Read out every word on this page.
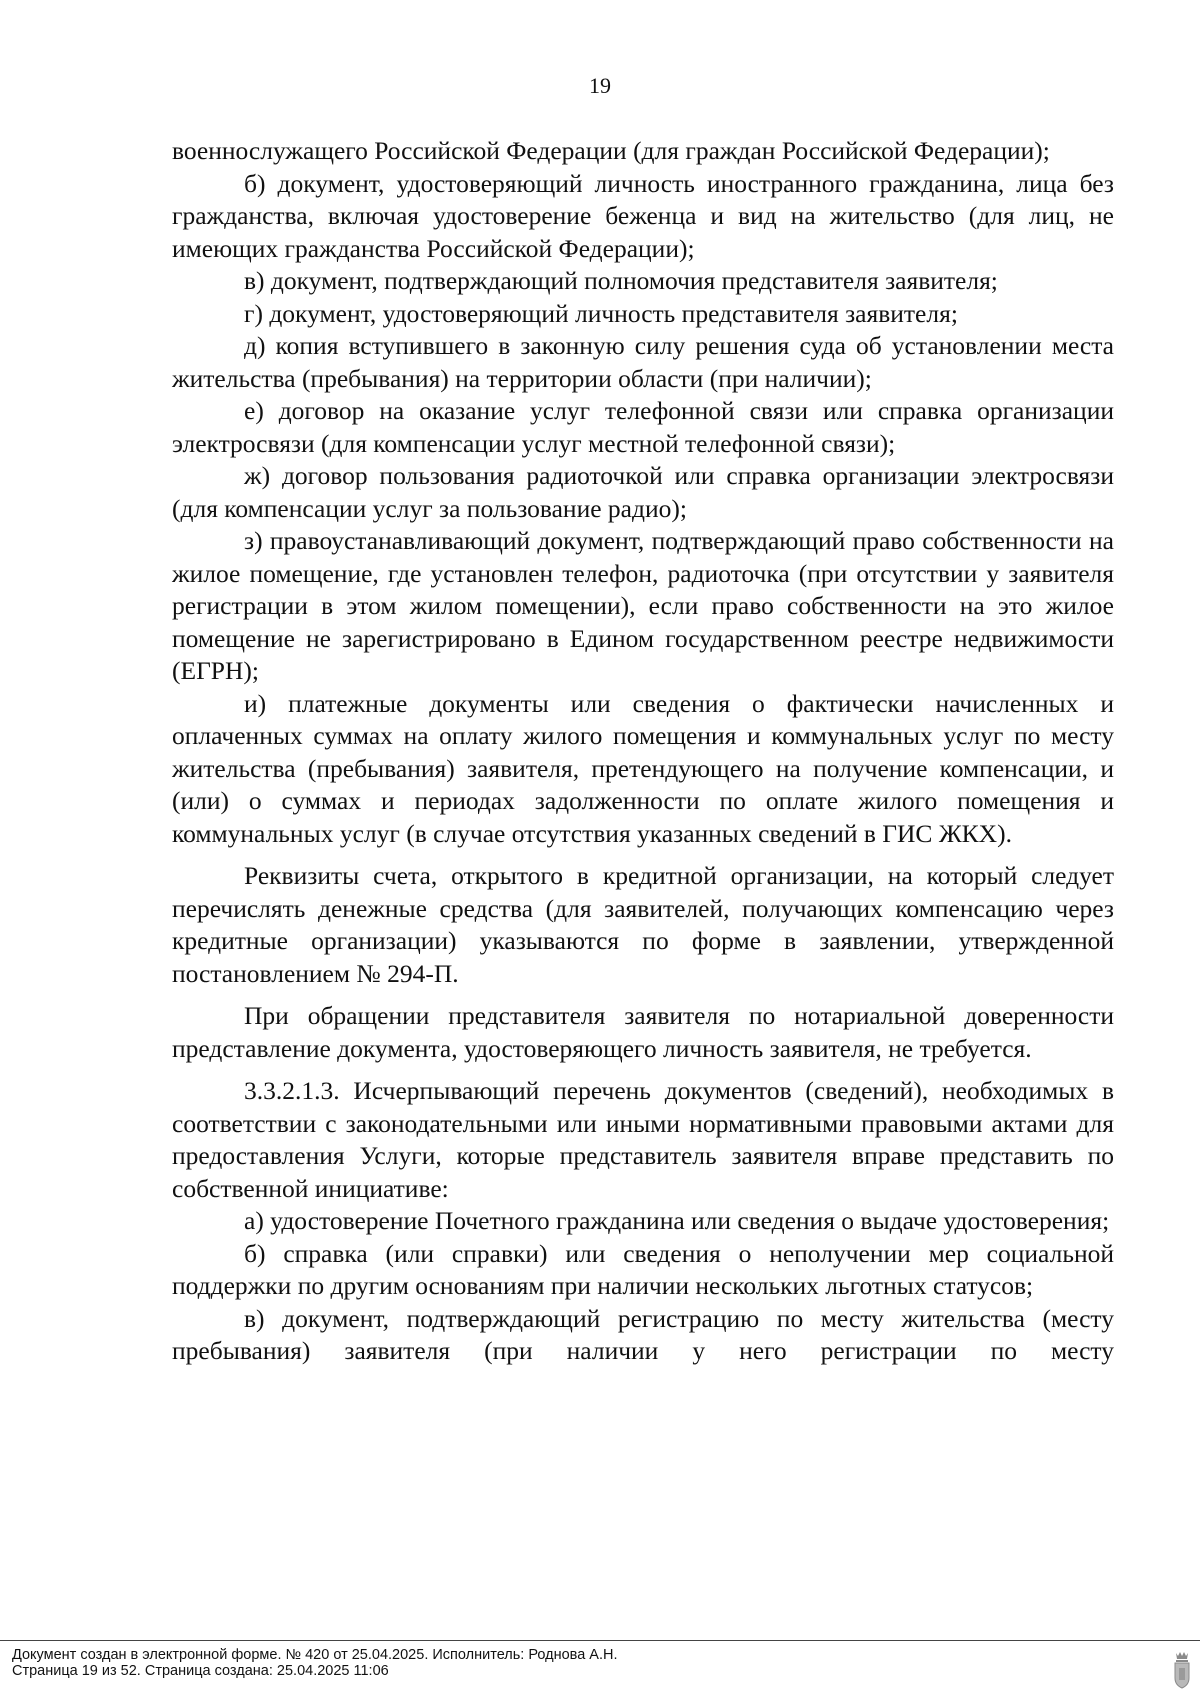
19

военнослужащего Российской Федерации (для граждан Российской Федерации);

б) документ, удостоверяющий личность иностранного гражданина, лица без гражданства, включая удостоверение беженца и вид на жительство (для лиц, не имеющих гражданства Российской Федерации);

в) документ, подтверждающий полномочия представителя заявителя;

г) документ, удостоверяющий личность представителя заявителя;

д) копия вступившего в законную силу решения суда об установлении места жительства (пребывания) на территории области (при наличии);

е) договор на оказание услуг телефонной связи или справка организации электросвязи (для компенсации услуг местной телефонной связи);

ж) договор пользования радиоточкой или справка организации электросвязи (для компенсации услуг за пользование радио);

з) правоустанавливающий документ, подтверждающий право собственности на жилое помещение, где установлен телефон, радиоточка (при отсутствии у заявителя регистрации в этом жилом помещении), если право собственности на это жилое помещение не зарегистрировано в Едином государственном реестре недвижимости (ЕГРН);

и) платежные документы или сведения о фактически начисленных и оплаченных суммах на оплату жилого помещения и коммунальных услуг по месту жительства (пребывания) заявителя, претендующего на получение компенсации, и (или) о суммах и периодах задолженности по оплате жилого помещения и коммунальных услуг (в случае отсутствия указанных сведений в ГИС ЖКХ).

Реквизиты счета, открытого в кредитной организации, на который следует перечислять денежные средства (для заявителей, получающих компенсацию через кредитные организации) указываются по форме в заявлении, утвержденной постановлением № 294-П.

При обращении представителя заявителя по нотариальной доверенности представление документа, удостоверяющего личность заявителя, не требуется.

3.3.2.1.3. Исчерпывающий перечень документов (сведений), необходимых в соответствии с законодательными или иными нормативными правовыми актами для предоставления Услуги, которые представитель заявителя вправе представить по собственной инициативе:

а) удостоверение Почетного гражданина или сведения о выдаче удостоверения;

б) справка (или справки) или сведения о неполучении мер социальной поддержки по другим основаниям при наличии нескольких льготных статусов;

в) документ, подтверждающий регистрацию по месту жительства (месту пребывания) заявителя (при наличии у него регистрации по месту

Документ создан в электронной форме. № 420 от 25.04.2025. Исполнитель: Роднова А.Н.
Страница 19 из 52. Страница создана: 25.04.2025 11:06
